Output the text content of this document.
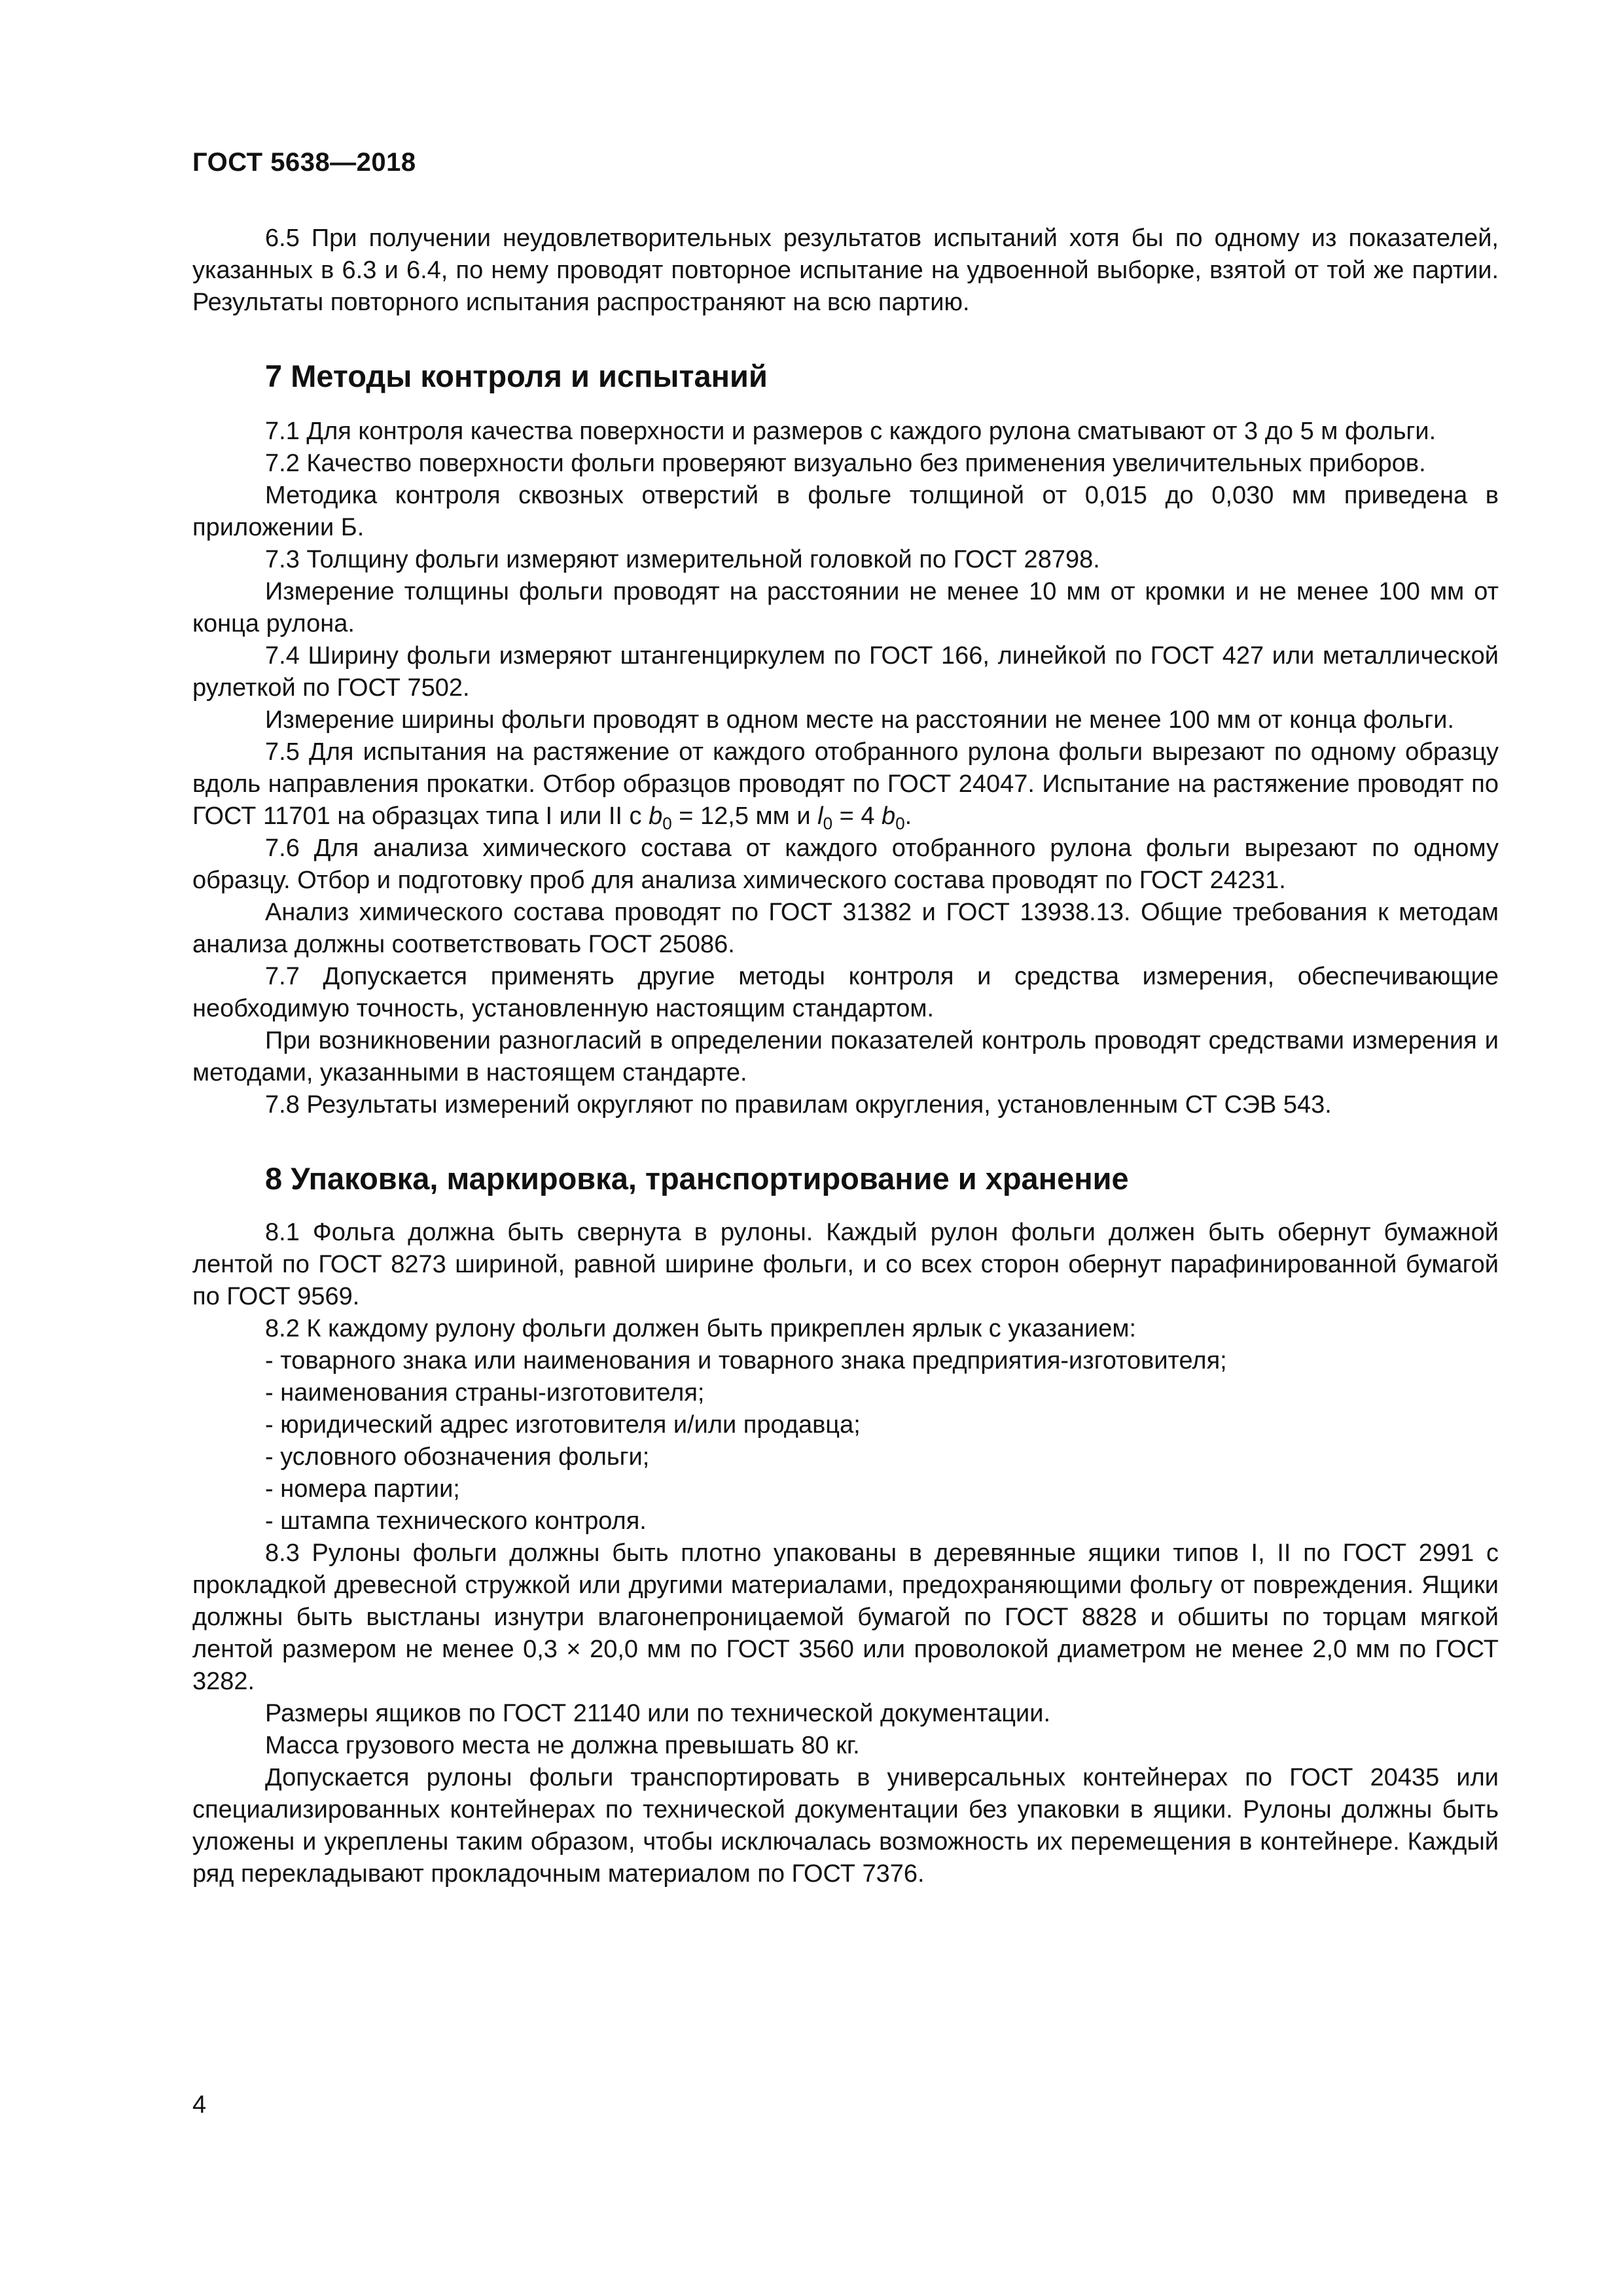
ГОСТ 5638—2018

6.5 При получении неудовлетворительных результатов испытаний хотя бы по одному из показателей, указанных в 6.3 и 6.4, по нему проводят повторное испытание на удвоенной выборке, взятой от той же партии. Результаты повторного испытания распространяют на всю партию.

7 Методы контроля и испытаний

7.1 Для контроля качества поверхности и размеров с каждого рулона сматывают от 3 до 5 м фольги.

7.2 Качество поверхности фольги проверяют визуально без применения увеличительных приборов.

Методика контроля сквозных отверстий в фольге толщиной от 0,015 до 0,030 мм приведена в приложении Б.

7.3 Толщину фольги измеряют измерительной головкой по ГОСТ 28798.

Измерение толщины фольги проводят на расстоянии не менее 10 мм от кромки и не менее 100 мм от конца рулона.

7.4 Ширину фольги измеряют штангенциркулем по ГОСТ 166, линейкой по ГОСТ 427 или металлической рулеткой по ГОСТ 7502.

Измерение ширины фольги проводят в одном месте на расстоянии не менее 100 мм от конца фольги.

7.5 Для испытания на растяжение от каждого отобранного рулона фольги вырезают по одному образцу вдоль направления прокатки. Отбор образцов проводят по ГОСТ 24047. Испытание на растяжение проводят по ГОСТ 11701 на образцах типа I или II с $b_0 = 12,5$ мм и $l_0 = 4$ $b_0$.

7.6 Для анализа химического состава от каждого отобранного рулона фольги вырезают по одному образцу. Отбор и подготовку проб для анализа химического состава проводят по ГОСТ 24231.

Анализ химического состава проводят по ГОСТ 31382 и ГОСТ 13938.13. Общие требования к методам анализа должны соответствовать ГОСТ 25086.

7.7 Допускается применять другие методы контроля и средства измерения, обеспечивающие необходимую точность, установленную настоящим стандартом.

При возникновении разногласий в определении показателей контроль проводят средствами измерения и методами, указанными в настоящем стандарте.

7.8 Результаты измерений округляют по правилам округления, установленным СТ СЭВ 543.

8 Упаковка, маркировка, транспортирование и хранение

8.1 Фольга должна быть свернута в рулоны. Каждый рулон фольги должен быть обернут бумажной лентой по ГОСТ 8273 шириной, равной ширине фольги, и со всех сторон обернут парафинированной бумагой по ГОСТ 9569.

8.2 К каждому рулону фольги должен быть прикреплен ярлык с указанием:

- товарного знака или наименования и товарного знака предприятия-изготовителя;
- наименования страны-изготовителя;
- юридический адрес изготовителя и/или продавца;
- условного обозначения фольги;
- номера партии;
- штампа технического контроля.

8.3 Рулоны фольги должны быть плотно упакованы в деревянные ящики типов I, II по ГОСТ 2991 с прокладкой древесной стружкой или другими материалами, предохраняющими фольгу от повреждения. Ящики должны быть выстланы изнутри влагонепроницаемой бумагой по ГОСТ 8828 и обшиты по торцам мягкой лентой размером не менее 0,3 × 20,0 мм по ГОСТ 3560 или проволокой диаметром не менее 2,0 мм по ГОСТ 3282.

Размеры ящиков по ГОСТ 21140 или по технической документации.

Масса грузового места не должна превышать 80 кг.

Допускается рулоны фольги транспортировать в универсальных контейнерах по ГОСТ 20435 или специализированных контейнерах по технической документации без упаковки в ящики. Рулоны должны быть уложены и укреплены таким образом, чтобы исключалась возможность их перемещения в контейнере. Каждый ряд перекладывают прокладочным материалом по ГОСТ 7376.

4
